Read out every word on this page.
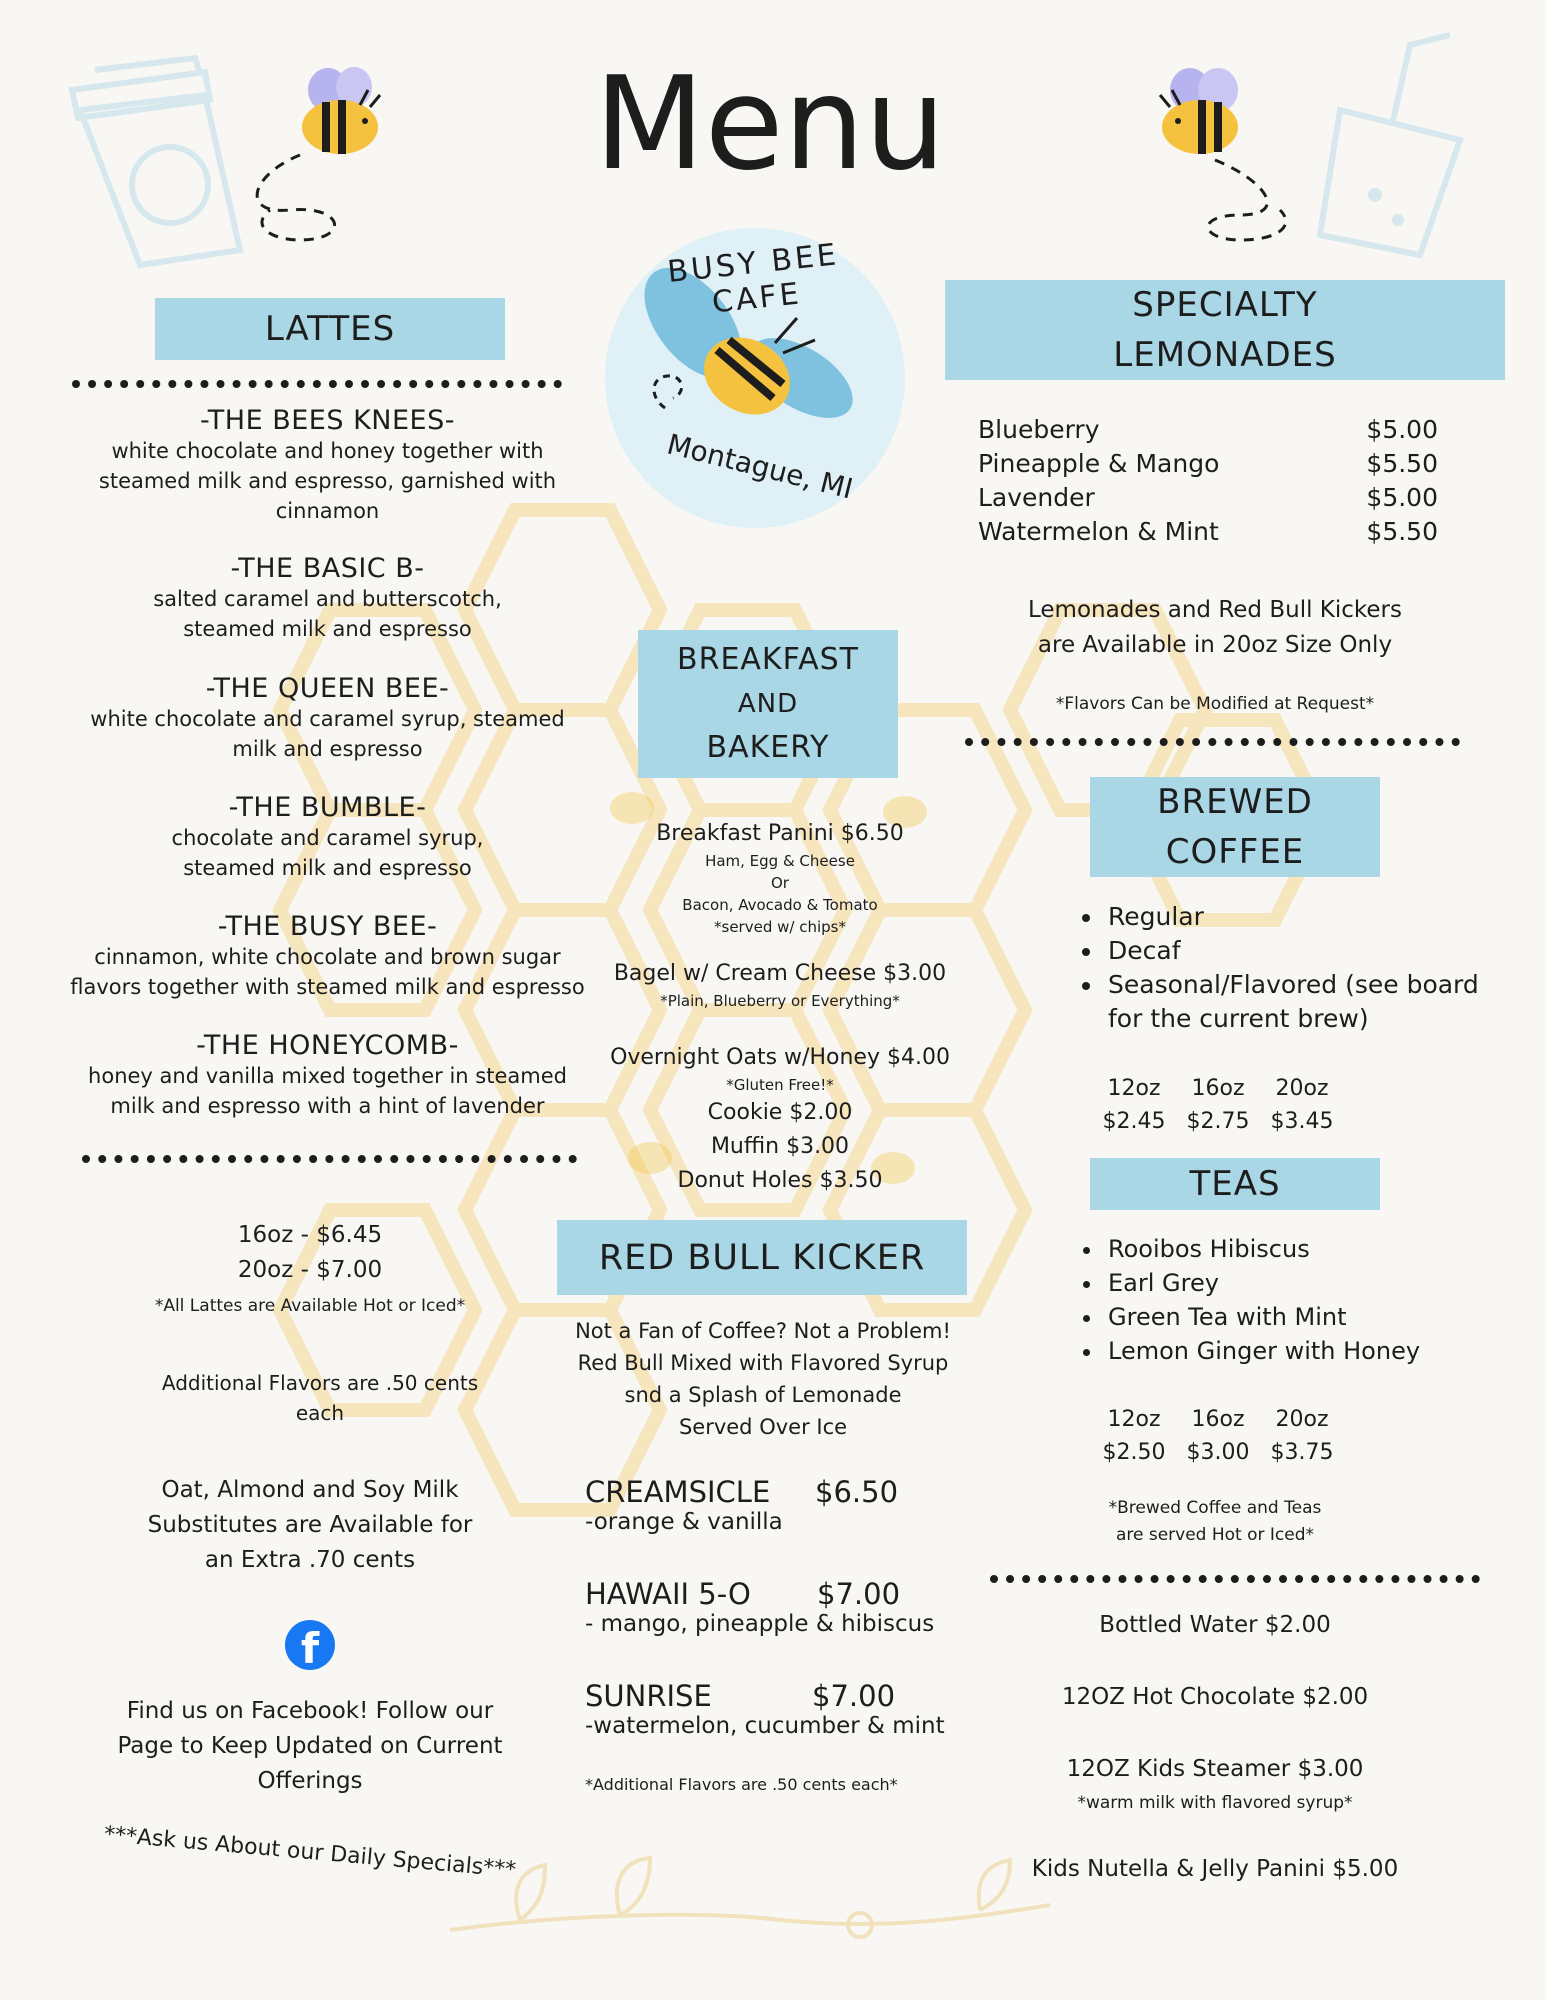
Menu
BUSY BEE CAFE
Montague, MI
LATTES
-THE BEES KNEES-
white chocolate and honey together with steamed milk and espresso, garnished with cinnamon
-THE BASIC B-
salted caramel and butterscotch, steamed milk and espresso
-THE QUEEN BEE-
white chocolate and caramel syrup, steamed milk and espresso
-THE BUMBLE-
chocolate and caramel syrup, steamed milk and espresso
-THE BUSY BEE-
cinnamon, white chocolate and brown sugar flavors together with steamed milk and espresso
-THE HONEYCOMB-
honey and vanilla mixed together in steamed milk and espresso with a hint of lavender
16oz - $6.45
20oz - $7.00
*All Lattes are Available Hot or Iced*
Additional Flavors are .50 cents each
Oat, Almond and Soy Milk Substitutes are Available for an Extra .70 cents
f
Find us on Facebook! Follow our Page to Keep Updated on Current Offerings
***Ask us About our Daily Specials***
BREAKFAST
AND
BAKERY
Breakfast Panini $6.50
Ham, Egg & Cheese
Or
Bacon, Avocado & Tomato
*served w/ chips*
Bagel w/ Cream Cheese $3.00
*Plain, Blueberry or Everything*
Overnight Oats w/Honey $4.00
*Gluten Free!*
Cookie $2.00
Muffin $3.00
Donut Holes $3.50
RED BULL KICKER
Not a Fan of Coffee? Not a Problem!
Red Bull Mixed with Flavored Syrup
snd a Splash of Lemonade
Served Over Ice
CREAMSICLE $6.50
-orange & vanilla
HAWAII 5-O $7.00
- mango, pineapple & hibiscus
SUNRISE	$7.00
-watermelon, cucumber & mint
*Additional Flavors are .50 cents each*
SPECIALTY
LEMONADES
Blueberry	$5.00
Pineapple & Mango	$5.50
Lavender	$5.00
Watermelon & Mint	$5.50
Lemonades and Red Bull Kickers
are Available in 20oz Size Only
*Flavors Can be Modified at Request*
BREWED
COFFEE
• Regular
• Decaf
• Seasonal/Flavored (see board for the current brew)
12oz	16oz	20oz
$2.45 $2.75 $3.45
TEAS
• Rooibos Hibiscus
• Earl Grey
• Green Tea with Mint
• Lemon Ginger with Honey
12oz	16oz	20oz
$2.50 $3.00 $3.75
*Brewed Coffee and Teas
are served Hot or Iced*
Bottled Water $2.00
12OZ Hot Chocolate $2.00
12OZ Kids Steamer $3.00
*warm milk with flavored syrup*
Kids Nutella & Jelly Panini $5.00
